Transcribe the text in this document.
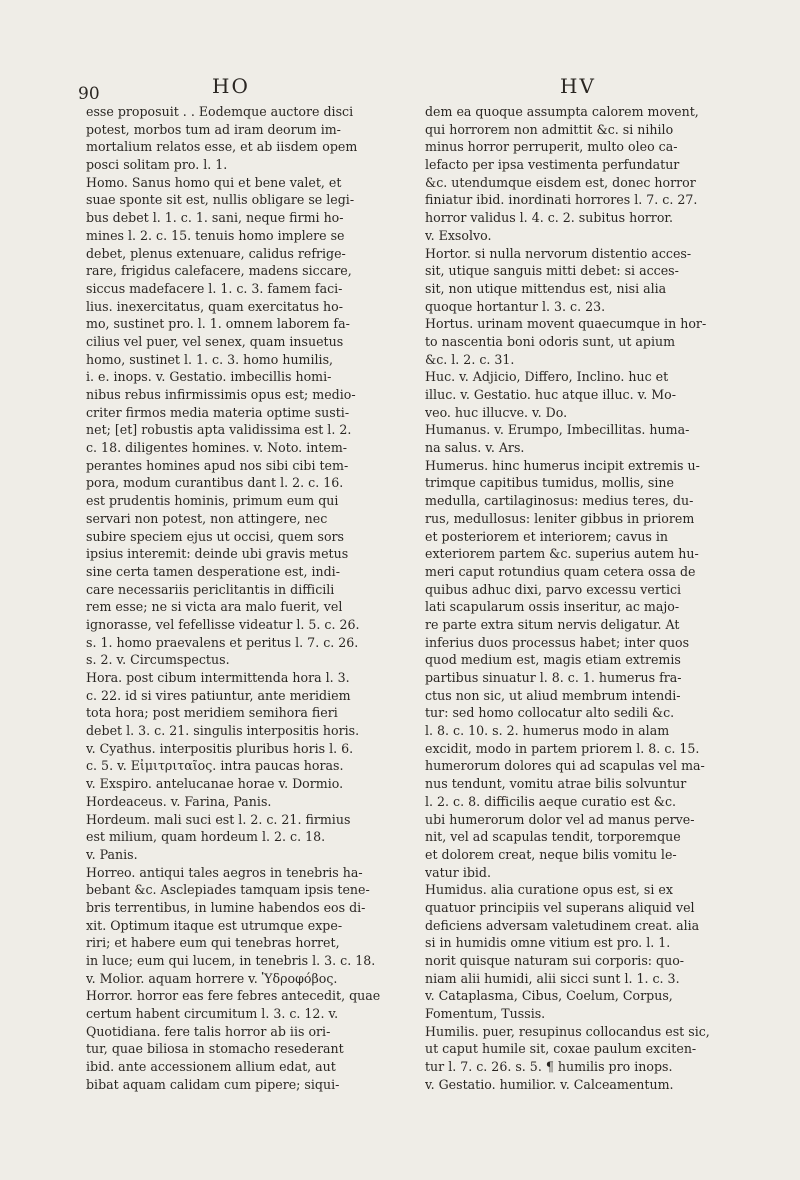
90	HO	HV
esse proposuit . . Eodemque auctore disci
potest, morbos tum ad iram deorum im-
mortalium relatos esse, et ab iisdem opem
posci solitam pro. l. 1.
Homo. Sanus homo qui et bene valet, et
suae sponte sit est, nullis obligare se legi-
bus debet l. 1. c. 1. sani, neque firmi ho-
mines l. 2. c. 15. tenuis homo implere se
debet, plenus extenuare, calidus refrige-
rare, frigidus calefacere, madens siccare,
siccus madefacere l. 1. c. 3. famem faci-
lius. inexercitatus, quam exercitatus ho-
mo, sustinet pro. l. 1. omnem laborem fa-
cilius vel puer, vel senex, quam insuetus
homo, sustinet l. 1. c. 3. homo humilis,
i. e. inops. v. Gestatio. imbecillis homi-
nibus rebus infirmissimis opus est; medio-
criter firmos media materia optime susti-
net; [et] robustis apta validissima est l. 2.
c. 18. diligentes homines. v. Noto. intem-
perantes homines apud nos sibi cibi tem-
pora, modum curantibus dant l. 2. c. 16.
est prudentis hominis, primum eum qui
servari non potest, non attingere, nec
subire speciem ejus ut occisi, quem sors
ipsius interemit: deinde ubi gravis metus
sine certa tamen desperatione est, indi-
care necessariis periclitantis in difficili
rem esse; ne si victa ara malo fuerit, vel
ignorasse, vel fefellisse videatur l. 5. c. 26.
s. 1. homo praevalens et peritus l. 7. c. 26.
s. 2. v. Circumspectus.
Hora. post cibum intermittenda hora l. 3.
c. 22. id si vires patiuntur, ante meridiem
tota hora; post meridiem semihora fieri
debet l. 3. c. 21. singulis interpositis horis.
v. Cyathus. interpositis pluribus horis l. 6.
c. 5. v. Εἰμιτριταῖος. intra paucas horas.
v. Exspiro. antelucanae horae v. Dormio.
Hordeaceus. v. Farina, Panis.
Hordeum. mali suci est l. 2. c. 21. firmius
est milium, quam hordeum l. 2. c. 18.
v. Panis.
Horreo. antiqui tales aegros in tenebris ha-
bebant &c. Asclepiades tamquam ipsis tene-
bris terrentibus, in lumine habendos eos di-
xit. Optimum itaque est utrumque expe-
riri; et habere eum qui tenebras horret,
in luce; eum qui lucem, in tenebris l. 3. c. 18.
v. Molior. aquam horrere v. Ὑδροφόβος.
Horror. horror eas fere febres antecedit, quae
certum habent circumitum l. 3. c. 12. v.
Quotidiana. fere talis horror ab iis ori-
tur, quae biliosa in stomacho resederant
ibid. ante accessionem allium edat, aut
bibat aquam calidam cum pipere; siqui-
dem ea quoque assumpta calorem movent,
qui horrorem non admittit &c. si nihilo
minus horror perruperit, multo oleo ca-
lefacto per ipsa vestimenta perfundatur
&c. utendumque eisdem est, donec horror
finiatur ibid. inordinati horrores l. 7. c. 27.
horror validus l. 4. c. 2. subitus horror.
v. Exsolvo.
Hortor. si nulla nervorum distentio acces-
sit, utique sanguis mitti debet: si acces-
sit, non utique mittendus est, nisi alia
quoque hortantur l. 3. c. 23.
Hortus. urinam movent quaecumque in hor-
to nascentia boni odoris sunt, ut apium
&c. l. 2. c. 31.
Huc. v. Adjicio, Differo, Inclino. huc et
illuc. v. Gestatio. huc atque illuc. v. Mo-
veo. huc illucve. v. Do.
Humanus. v. Erumpo, Imbecillitas. huma-
na salus. v. Ars.
Humerus. hinc humerus incipit extremis u-
trimque capitibus tumidus, mollis, sine
medulla, cartilaginosus: medius teres, du-
rus, medullosus: leniter gibbus in priorem
et posteriorem et interiorem; cavus in
exteriorem partem &c. superius autem hu-
meri caput rotundius quam cetera ossa de
quibus adhuc dixi, parvo excessu vertici
lati scapularum ossis inseritur, ac majo-
re parte extra situm nervis deligatur. At
inferius duos processus habet; inter quos
quod medium est, magis etiam extremis
partibus sinuatur l. 8. c. 1. humerus fra-
ctus non sic, ut aliud membrum intendi-
tur: sed homo collocatur alto sedili &c.
l. 8. c. 10. s. 2. humerus modo in alam
excidit, modo in partem priorem l. 8. c. 15.
humerorum dolores qui ad scapulas vel ma-
nus tendunt, vomitu atrae bilis solvuntur
l. 2. c. 8. difficilis aeque curatio est &c.
ubi humerorum dolor vel ad manus perve-
nit, vel ad scapulas tendit, torporemque
et dolorem creat, neque bilis vomitu le-
vatur ibid.
Humidus. alia curatione opus est, si ex
quatuor principiis vel superans aliquid vel
deficiens adversam valetudinem creat. alia
si in humidis omne vitium est pro. l. 1.
norit quisque naturam sui corporis: quo-
niam alii humidi, alii sicci sunt l. 1. c. 3.
v. Cataplasma, Cibus, Coelum, Corpus,
Fomentum, Tussis.
Humilis. puer, resupinus collocandus est sic,
ut caput humile sit, coxae paulum exciten-
tur l. 7. c. 26. s. 5. ¶ humilis pro inops.
v. Gestatio. humilior. v. Calceamentum.
